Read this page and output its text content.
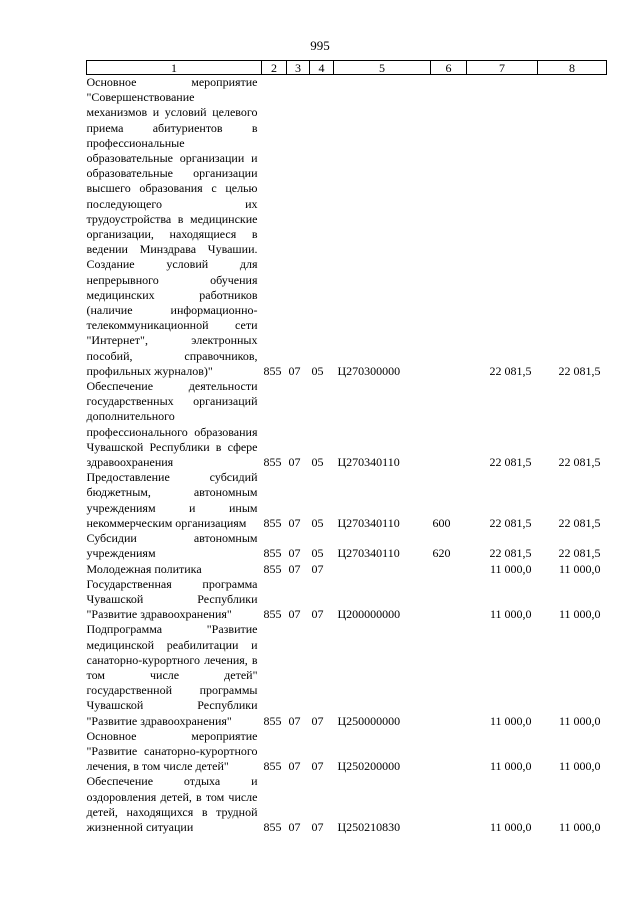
995
1	2	3	4	5	6	7	8
Основное мероприятие "Совершенствование механизмов и условий целевого приема абитуриентов в профессиональные образовательные организации и образовательные организации высшего образования с целью последующего их трудоустройства в медицинские организации, находящиеся в ведении Минздрава Чувашии. Создание условий для непрерывного обучения медицинских работников (наличие информационно-телекоммуникационной сети "Интернет", электронных пособий, справочников, профильных журналов)"	855	07	05	Ц270300000		22 081,5	22 081,5
Обеспечение деятельности государственных организаций дополнительного профессионального образования Чувашской Республики в сфере здравоохранения	855	07	05	Ц270340110		22 081,5	22 081,5
Предоставление субсидий бюджетным, автономным учреждениям и иным некоммерческим организациям	855	07	05	Ц270340110	600	22 081,5	22 081,5
Субсидии автономным учреждениям	855	07	05	Ц270340110	620	22 081,5	22 081,5
Молодежная политика	855	07	07			11 000,0	11 000,0
Государственная программа Чувашской Республики "Развитие здравоохранения"	855	07	07	Ц200000000		11 000,0	11 000,0
Подпрограмма "Развитие медицинской реабилитации и санаторно-курортного лечения, в том числе детей" государственной программы Чувашской Республики "Развитие здравоохранения"	855	07	07	Ц250000000		11 000,0	11 000,0
Основное мероприятие "Развитие санаторно-курортного лечения, в том числе детей"	855	07	07	Ц250200000		11 000,0	11 000,0
Обеспечение отдыха и оздоровления детей, в том числе детей, находящихся в трудной жизненной ситуации	855	07	07	Ц250210830		11 000,0	11 000,0
